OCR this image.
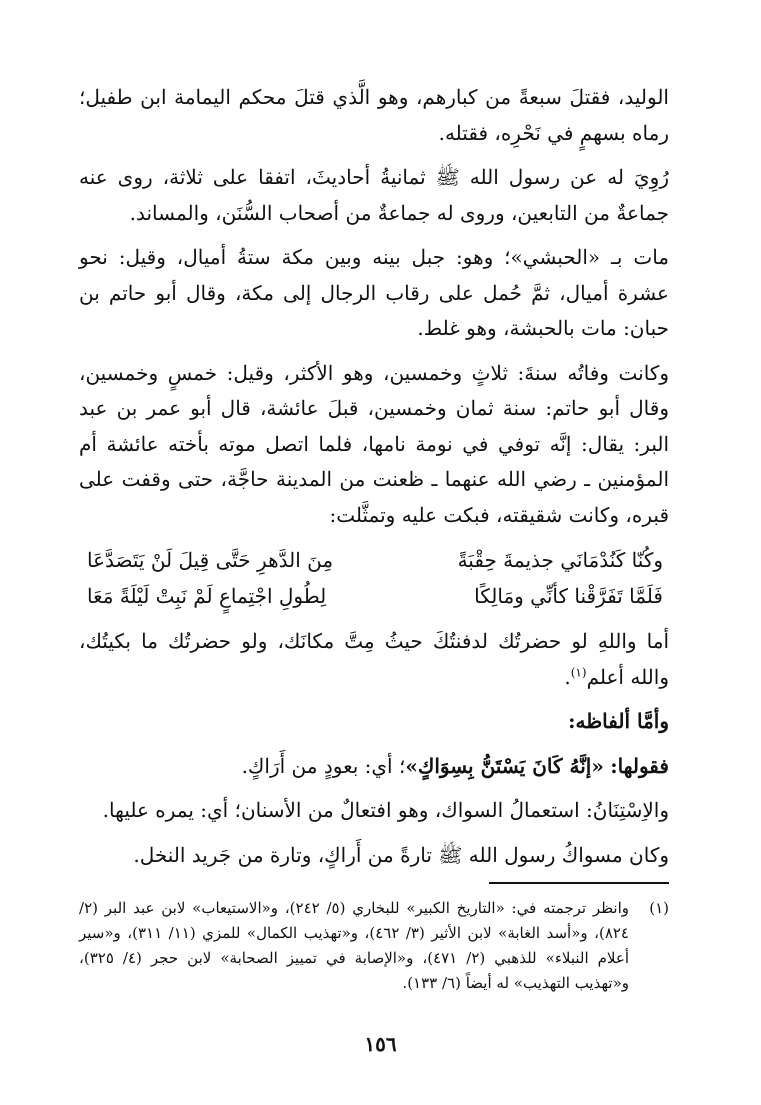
الوليد، فقتلَ سبعةً من كبارهم، وهو الَّذي قتلَ محكم اليمامة ابن طفيل؛ رماه بسهمٍ في نَحْرِه، فقتله.

رُوِيَ له عن رسول الله ﷺ ثمانيةُ أحاديثَ، اتفقا على ثلاثة، روى عنه جماعةٌ من التابعين، وروى له جماعةٌ من أصحاب السُّنَن، والمساند.

مات بـ «الحبشي»؛ وهو: جبل بينه وبين مكة ستةُ أميال، وقيل: نحو عشرة أميال، ثمَّ حُمل على رقاب الرجال إلى مكة، وقال أبو حاتم بن حبان: مات بالحبشة، وهو غلط.

وكانت وفاتُه سنةَ: ثلاثٍ وخمسين، وهو الأكثر، وقيل: خمسٍ وخمسين، وقال أبو حاتم: سنة ثمان وخمسين، قبلَ عائشة، قال أبو عمر بن عبد البر: يقال: إنَّه توفي في نومة نامها، فلما اتصل موته بأخته عائشة أم المؤمنين ـ رضي الله عنهما ـ ظعنت من المدينة حاجَّة، حتى وقفت على قبره، وكانت شقيقته، فبكت عليه وتمثَّلت:

وكُنّا كَنُدْمَانَي جذيمةَ حِقْبَةً
مِنَ الدَّهرِ حَتَّى قِيلَ لَنْ يَتَصَدَّعَا
فَلَمَّا تَفَرَّقْنا كأنِّي ومَالِكًا
لِطُولِ اجْتِماعٍ لَمْ نَبِتْ لَيْلَةً مَعَا

أما واللهِ لو حضرتُك لدفنتُكَ حيثُ مِتَّ مكانَك، ولو حضرتُك ما بكيتُك، والله أعلم$^{(١)}$.

وأمَّا ألفاظه:

فقولها: «إنَّهُ كَانَ يَسْتَنُّ بِسِوَاكٍ»؛ أي: بعودٍ من أَرَاكٍ.

والاِسْتِنَانُ: استعمالُ السواك، وهو افتعالٌ من الأسنان؛ أي: يمره عليها.

وكان مسواكُ رسول الله ﷺ تارةً من أَراكٍ، وتارة من جَريد النخل.

(١)
وانظر ترجمته في: «التاريخ الكبير» للبخاري (٥/ ٢٤٢)، و«الاستيعاب» لابن عبد البر (٢/ ٨٢٤)، و«أسد الغابة» لابن الأثير (٣/ ٤٦٢)، و«تهذيب الكمال» للمزي (١١/ ٣١١)، و«سير أعلام النبلاء» للذهبي (٢/ ٤٧١)، و«الإصابة في تمييز الصحابة» لابن حجر (٤/ ٣٢٥)، و«تهذيب التهذيب» له أيضاً (٦/ ١٣٣).
١٥٦
